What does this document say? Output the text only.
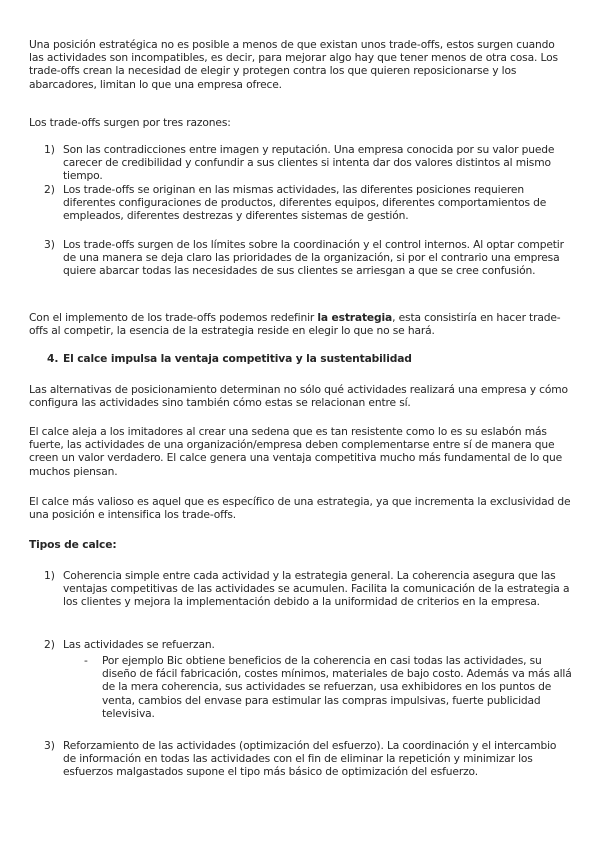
Una posición estratégica no es posible a menos de que existan unos trade-offs, estos surgen cuando las actividades son incompatibles, es decir, para mejorar algo hay que tener menos de otra cosa. Los trade-offs crean la necesidad de elegir y protegen contra los que quieren reposicionarse y los abarcadores, limitan lo que una empresa ofrece.

Los trade-offs surgen por tres razones:

1) Son las contradicciones entre imagen y reputación. Una empresa conocida por su valor puede carecer de credibilidad y confundir a sus clientes si intenta dar dos valores distintos al mismo tiempo.

2) Los trade-offs se originan en las mismas actividades, las diferentes posiciones requieren diferentes configuraciones de productos, diferentes equipos, diferentes comportamientos de empleados, diferentes destrezas y diferentes sistemas de gestión.

3) Los trade-offs surgen de los límites sobre la coordinación y el control internos. Al optar competir de una manera se deja claro las prioridades de la organización, si por el contrario una empresa quiere abarcar todas las necesidades de sus clientes se arriesgan a que se cree confusión.

Con el implemento de los trade-offs podemos redefinir la estrategia, esta consistiría en hacer trade-offs al competir, la esencia de la estrategia reside en elegir lo que no se hará.

4. El calce impulsa la ventaja competitiva y la sustentabilidad

Las alternativas de posicionamiento determinan no sólo qué actividades realizará una empresa y cómo configura las actividades sino también cómo estas se relacionan entre sí.

El calce aleja a los imitadores al crear una sedena que es tan resistente como lo es su eslabón más fuerte, las actividades de una organización/empresa deben complementarse entre sí de manera que creen un valor verdadero. El calce genera una ventaja competitiva mucho más fundamental de lo que muchos piensan.

El calce más valioso es aquel que es específico de una estrategia, ya que incrementa la exclusividad de una posición e intensifica los trade-offs.

Tipos de calce:

1) Coherencia simple entre cada actividad y la estrategia general. La coherencia asegura que las ventajas competitivas de las actividades se acumulen. Facilita la comunicación de la estrategia a los clientes y mejora la implementación debido a la uniformidad de criterios en la empresa.

2) Las actividades se refuerzan.

- Por ejemplo Bic obtiene beneficios de la coherencia en casi todas las actividades, su diseño de fácil fabricación, costes mínimos, materiales de bajo costo. Además va más allá de la mera coherencia, sus actividades se refuerzan, usa exhibidores en los puntos de venta, cambios del envase para estimular las compras impulsivas, fuerte publicidad televisiva.

3) Reforzamiento de las actividades (optimización del esfuerzo). La coordinación y el intercambio de información en todas las actividades con el fin de eliminar la repetición y minimizar los esfuerzos malgastados supone el tipo más básico de optimización del esfuerzo.
